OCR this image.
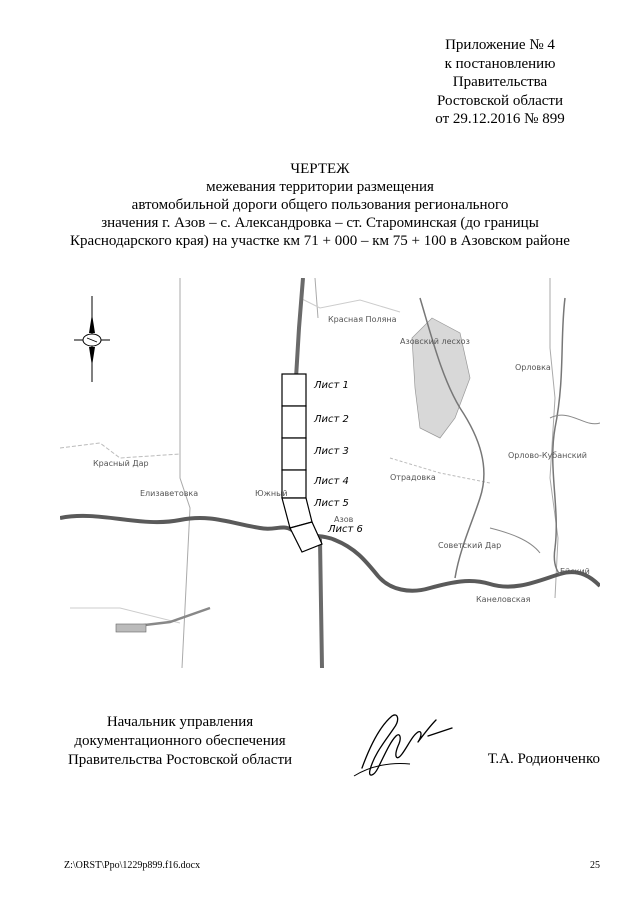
Приложение № 4
к постановлению
Правительства
Ростовской области
от 29.12.2016 № 899
ЧЕРТЕЖ
межевания территории размещения
автомобильной дороги общего пользования регионального
значения г. Азов – с. Александровка – ст. Староминская (до границы
Краснодарского края) на участке км 71 + 000 – км 75 + 100 в Азовском районе
Красная Поляна
Азовский лесхоз
Орловка
Орлово-Кубанский
Красный Дар
Елизаветовка	Южный
Отрадовка
Советский Дар
Ейский
Канеловская
Азов
Лист 1
Лист 2
Лист 3
Лист 4
Лист 5
Лист 6
Начальник управления
документационного обеспечения
Правительства Ростовской области	Т.А. Родионченко
Z:\ORST\Ppo\1229p899.f16.docx	25
